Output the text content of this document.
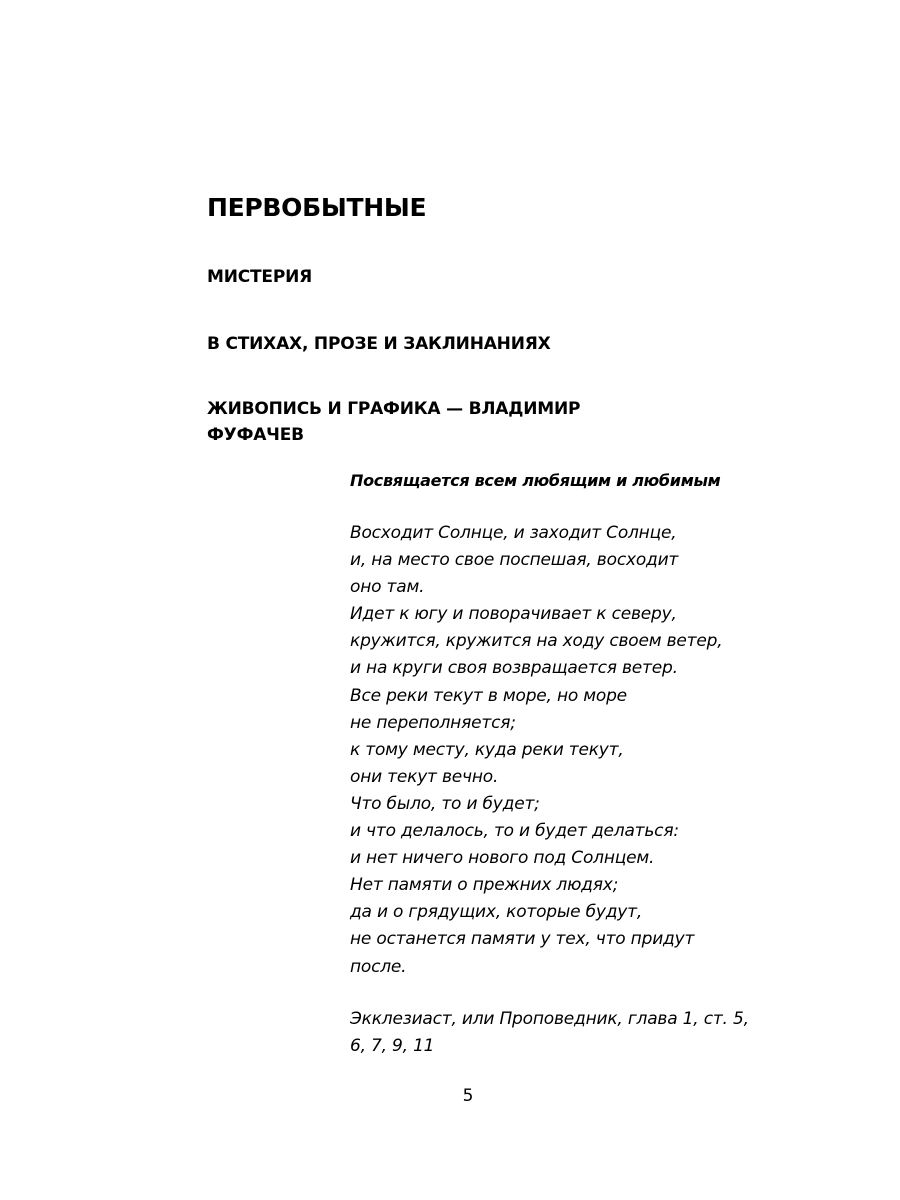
ПЕРВОБЫТНЫЕ
МИСТЕРИЯ
В СТИХАХ, ПРОЗЕ И ЗАКЛИНАНИЯХ
ЖИВОПИСЬ И ГРАФИКА — ВЛАДИМИР
ФУФАЧЕВ

Посвящается всем любящим и любимым

Восходит Солнце, и заходит Солнце,
и, на место свое поспешая, восходит
оно там.
Идет к югу и поворачивает к северу,
кружится, кружится на ходу своем ветер,
и на круги своя возвращается ветер.
Все реки текут в море, но море
не переполняется;
к тому месту, куда реки текут,
они текут вечно.
Что было, то и будет;
и что делалось, то и будет делаться:
и нет ничего нового под Солнцем.
Нет памяти о прежних людях;
да и о грядущих, которые будут,
не останется памяти у тех, что придут
после.
Экклезиаст, или Проповедник, глава 1, ст. 5,
6, 7, 9, 11
5
